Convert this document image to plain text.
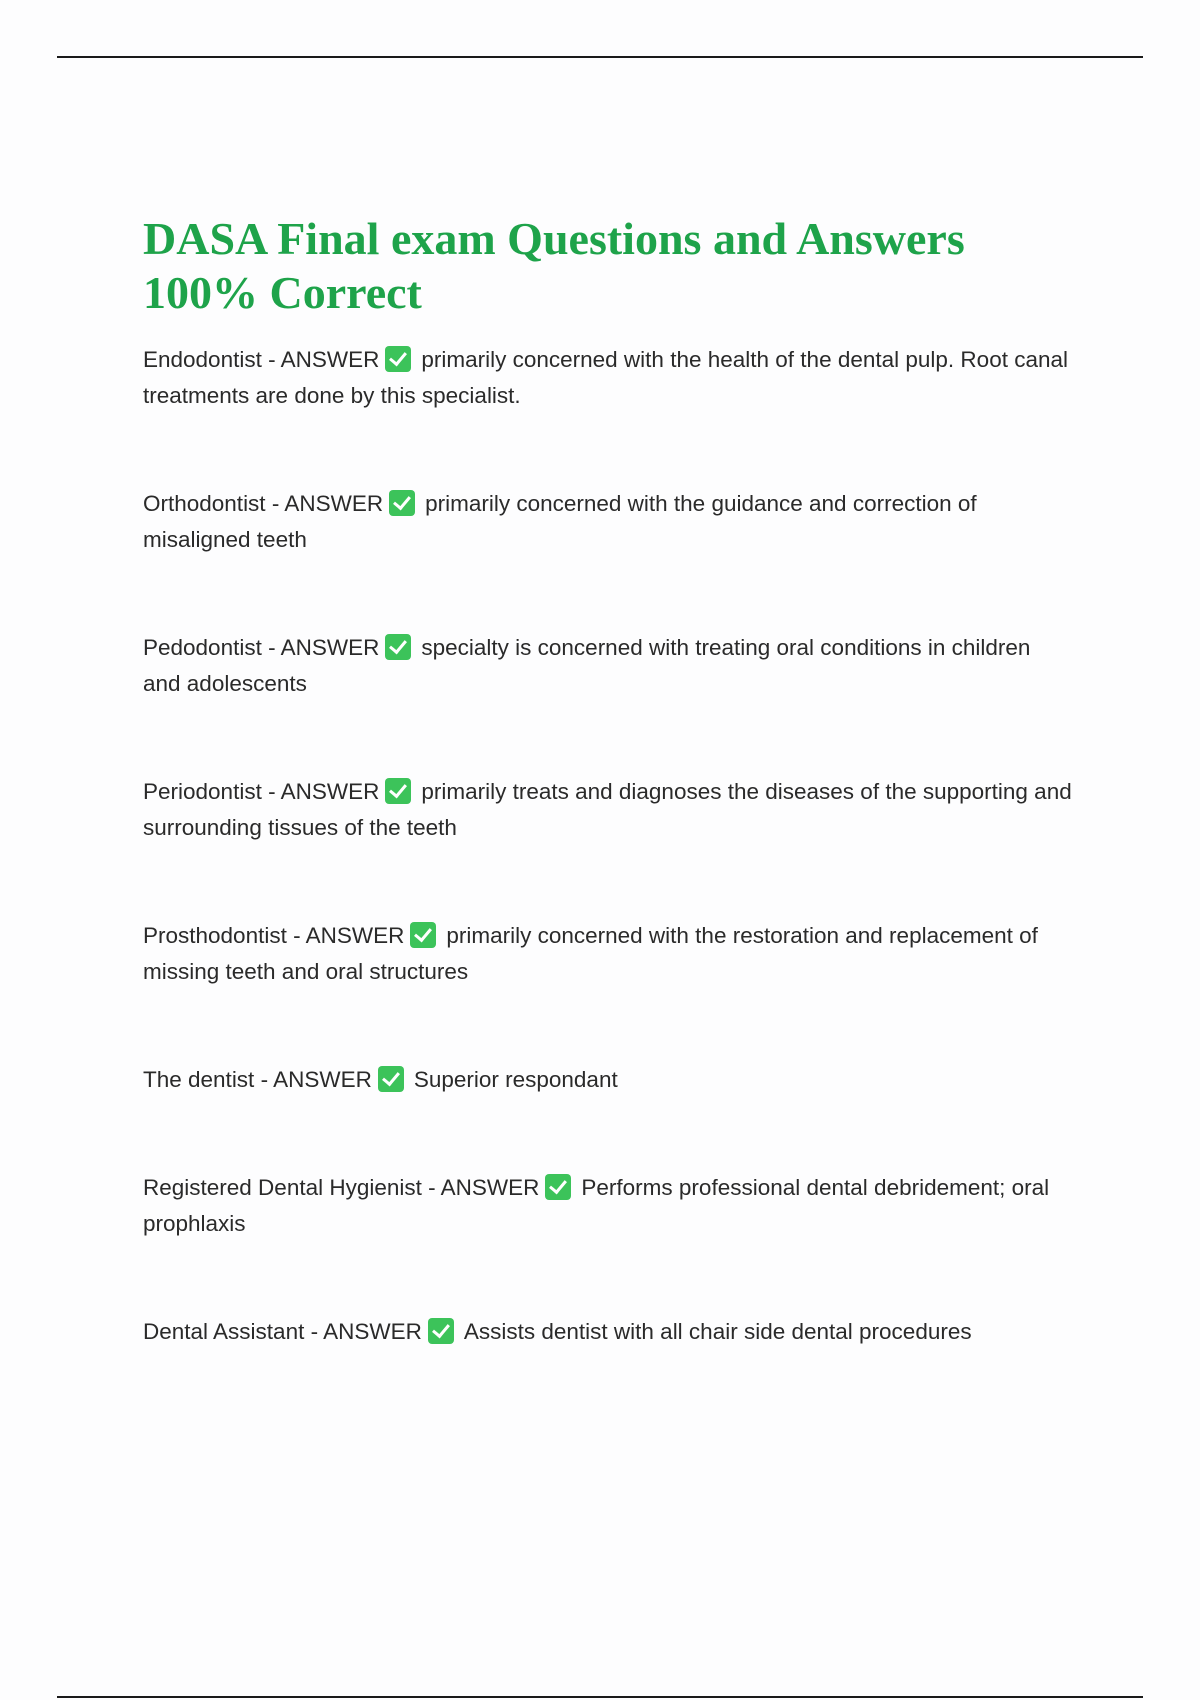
DASA Final exam Questions and Answers
100% Correct
Endodontist - ANSWER primarily concerned with the health of the dental pulp. Root canal treatments are done by this specialist.
Orthodontist - ANSWER primarily concerned with the guidance and correction of misaligned teeth
Pedodontist - ANSWER specialty is concerned with treating oral conditions in children and adolescents
Periodontist - ANSWER primarily treats and diagnoses the diseases of the supporting and surrounding tissues of the teeth
Prosthodontist - ANSWER primarily concerned with the restoration and replacement of missing teeth and oral structures
The dentist - ANSWER Superior respondant
Registered Dental Hygienist - ANSWER Performs professional dental debridement; oral prophlaxis
Dental Assistant - ANSWER Assists dentist with all chair side dental procedures
